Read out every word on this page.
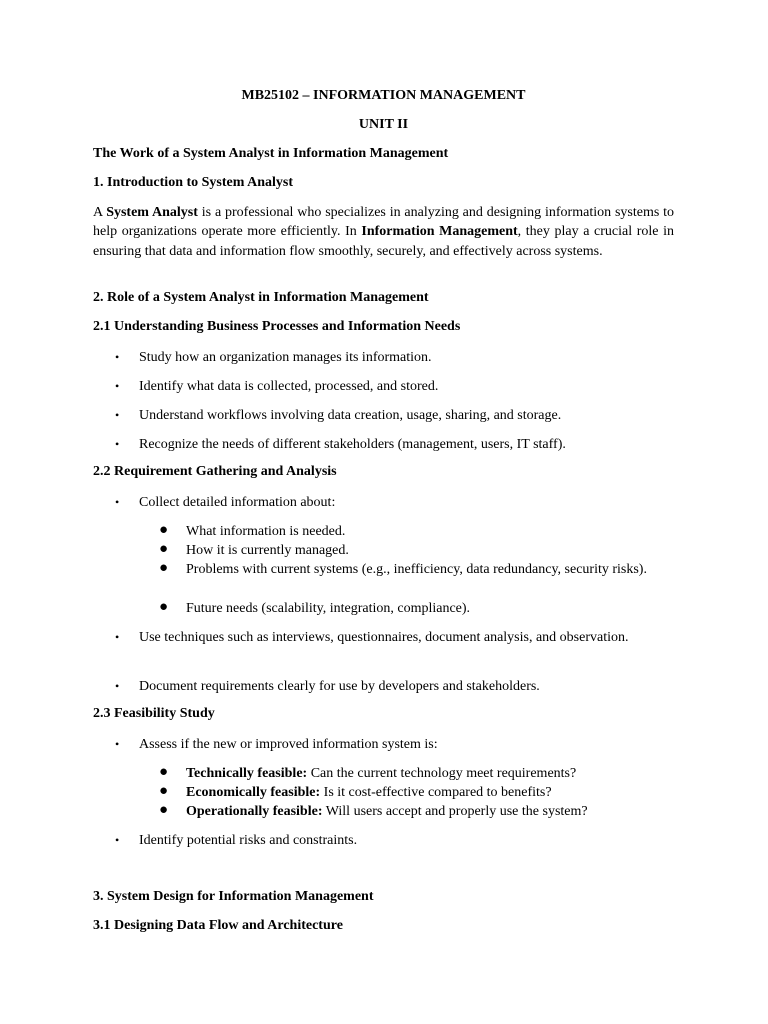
MB25102 – INFORMATION MANAGEMENT
UNIT II
The Work of a System Analyst in Information Management
1. Introduction to System Analyst
A System Analyst is a professional who specializes in analyzing and designing information systems to help organizations operate more efficiently. In Information Management, they play a crucial role in ensuring that data and information flow smoothly, securely, and effectively across systems.
2. Role of a System Analyst in Information Management
2.1 Understanding Business Processes and Information Needs
• Study how an organization manages its information.
• Identify what data is collected, processed, and stored.
• Understand workflows involving data creation, usage, sharing, and storage.
• Recognize the needs of different stakeholders (management, users, IT staff).
2.2 Requirement Gathering and Analysis
• Collect detailed information about:
● What information is needed.
● How it is currently managed.
● Problems with current systems (e.g., inefficiency, data redundancy, security risks).
● Future needs (scalability, integration, compliance).
• Use techniques such as interviews, questionnaires, document analysis, and observation.
• Document requirements clearly for use by developers and stakeholders.
2.3 Feasibility Study
• Assess if the new or improved information system is:
● Technically feasible: Can the current technology meet requirements?
● Economically feasible: Is it cost-effective compared to benefits?
● Operationally feasible: Will users accept and properly use the system?
• Identify potential risks and constraints.
3. System Design for Information Management
3.1 Designing Data Flow and Architecture
